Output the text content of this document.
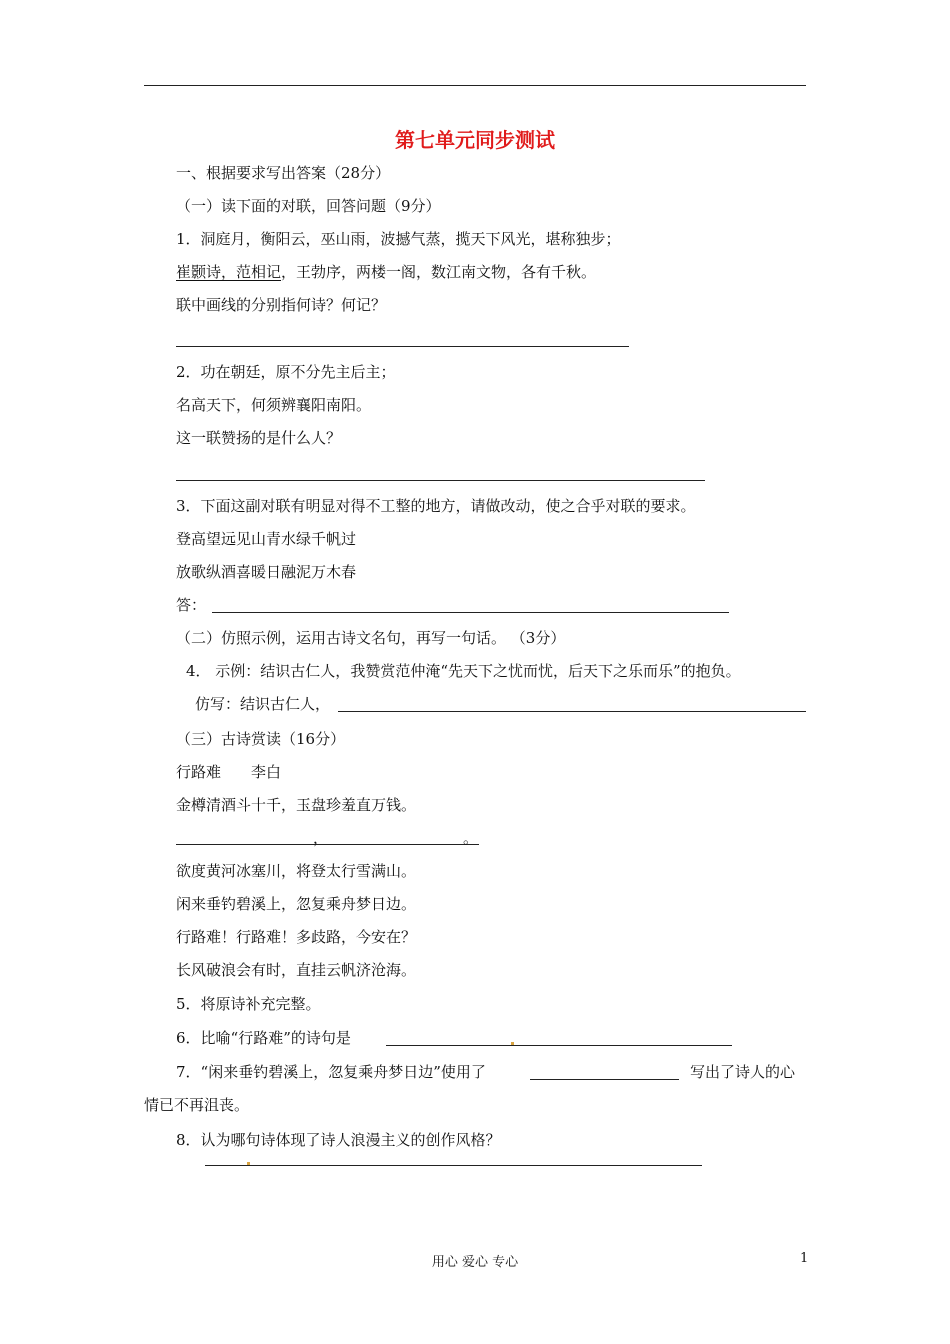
第七单元同步测试
一、根据要求写出答案（28分）
（一）读下面的对联，回答问题（9分）
1．洞庭月，衡阳云，巫山雨，波撼气蒸，揽天下风光，堪称独步；
崔颢诗，范相记，王勃序，两楼一阁，数江南文物，各有千秋。
联中画线的分别指何诗？何记？
2．功在朝廷，原不分先主后主；
名高天下，何须辨襄阳南阳。
这一联赞扬的是什么人？
3．下面这副对联有明显对得不工整的地方，请做改动，使之合乎对联的要求。
登高望远见山青水绿千帆过
放歌纵酒喜暖日融泥万木春
答：
（二）仿照示例，运用古诗文名句，再写一句话。 （3分）
4． 示例：结识古仁人，我赞赏范仲淹“先天下之忧而忧，后天下之乐而乐”的抱负。
仿写：结识古仁人，
（三）古诗赏读（16分）
行路难 李白
金樽清酒斗十千，玉盘珍羞直万钱。
，	。
欲度黄河冰塞川，将登太行雪满山。
闲来垂钓碧溪上，忽复乘舟梦日边。
行路难！行路难！多歧路，今安在？
长风破浪会有时，直挂云帆济沧海。
5．将原诗补充完整。
6．比喻“行路难”的诗句是
7．“闲来垂钓碧溪上，忽复乘舟梦日边”使用了	写出了诗人的心
情已不再沮丧。
8．认为哪句诗体现了诗人浪漫主义的创作风格？
用心 爱心 专心	1
